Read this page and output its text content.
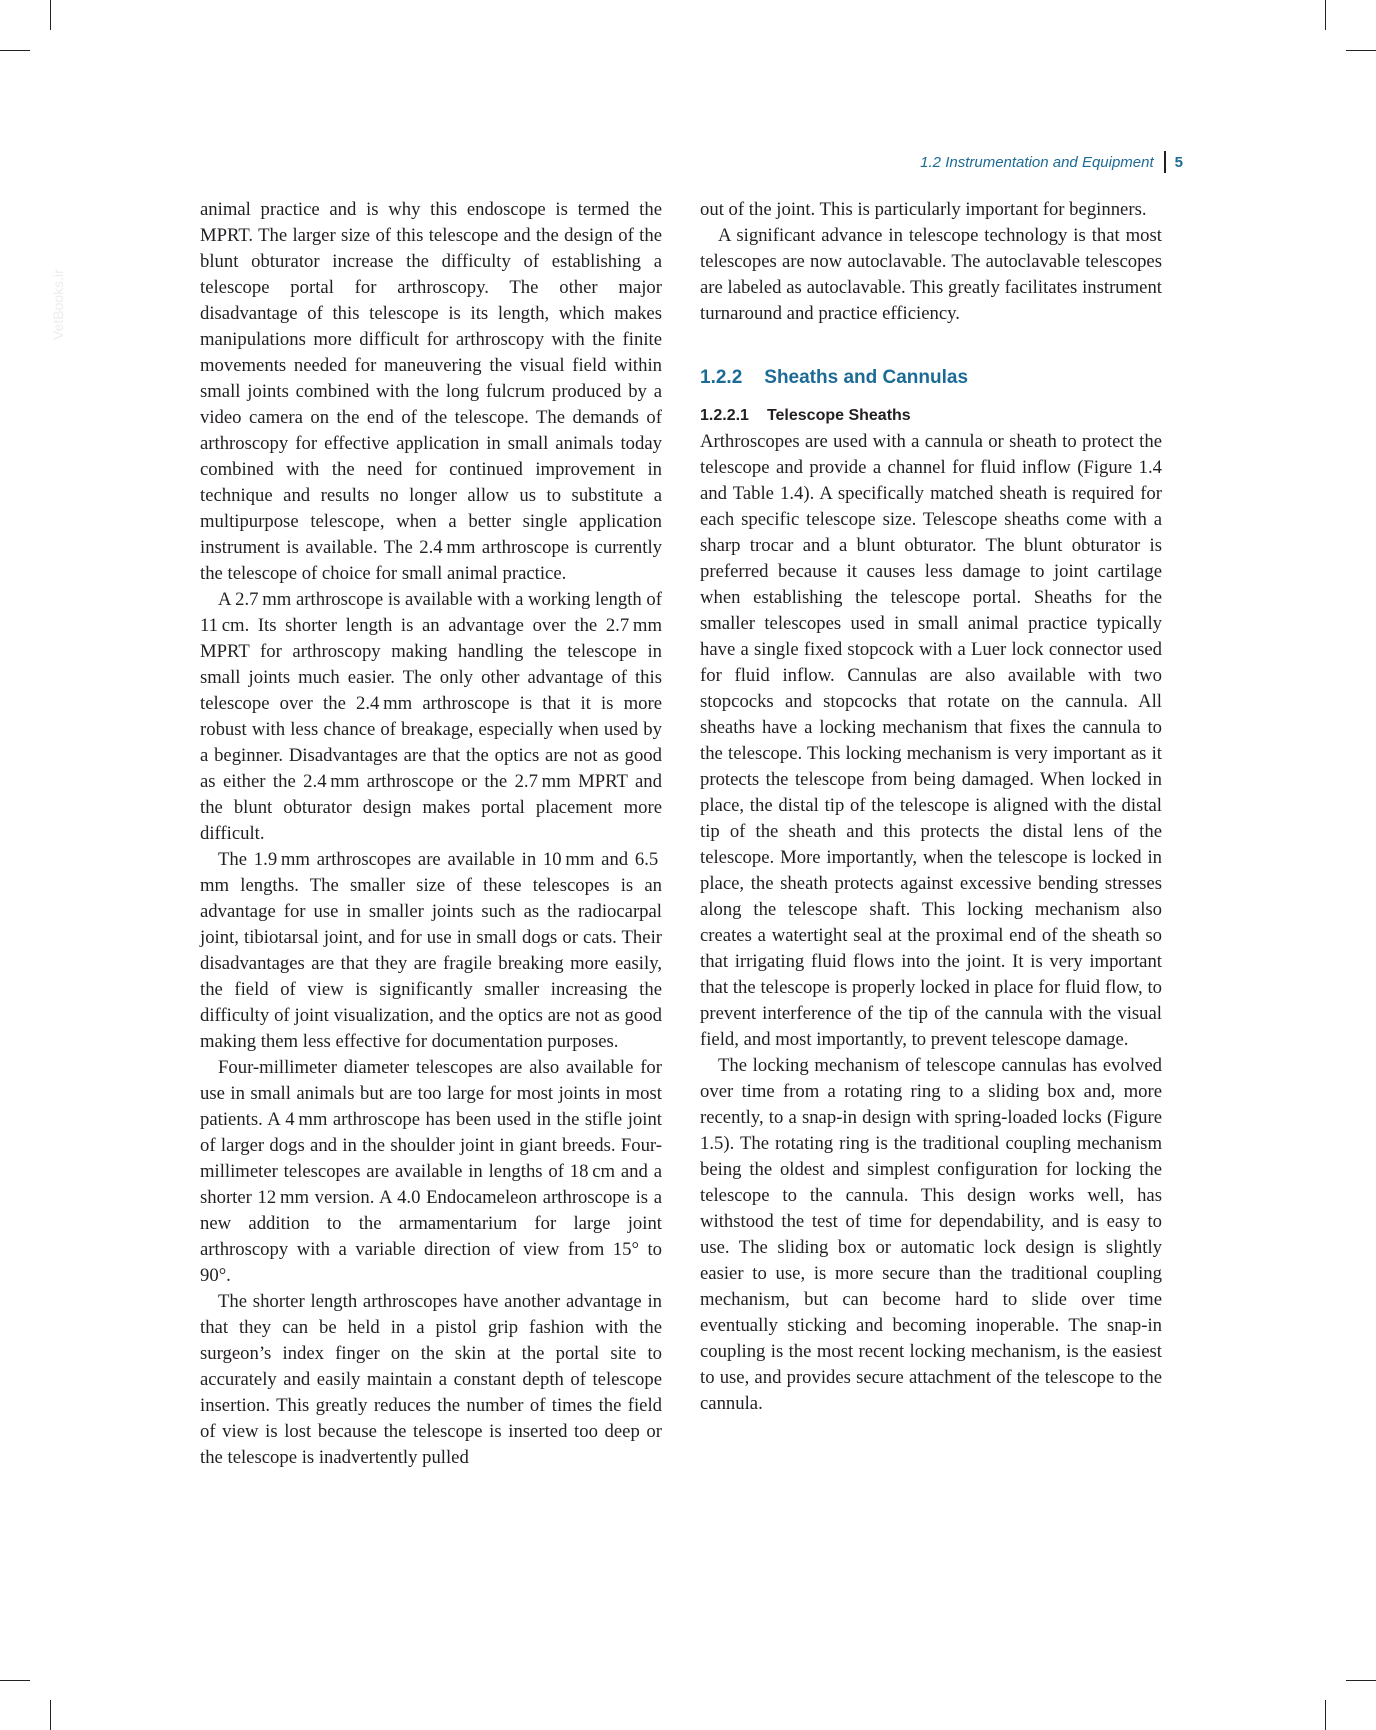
VetBooks.ir
1.2 Instrumentation and Equipment	5

animal practice and is why this endoscope is termed the MPRT. The larger size of this telescope and the design of the blunt obturator increase the difficulty of establishing a telescope portal for arthroscopy. The other major disadvantage of this telescope is its length, which makes manipulations more difficult for arthroscopy with the finite movements needed for maneuvering the visual field within small joints combined with the long fulcrum produced by a video camera on the end of the telescope. The demands of arthroscopy for effective application in small animals today combined with the need for continued improvement in technique and results no longer allow us to substitute a multipurpose telescope, when a better single application instrument is available. The 2.4 mm arthroscope is currently the telescope of choice for small animal practice.

A 2.7 mm arthroscope is available with a working length of 11 cm. Its shorter length is an advantage over the 2.7 mm MPRT for arthroscopy making handling the telescope in small joints much easier. The only other advantage of this telescope over the 2.4 mm arthroscope is that it is more robust with less chance of breakage, especially when used by a beginner. Disadvantages are that the optics are not as good as either the 2.4 mm arthroscope or the 2.7 mm MPRT and the blunt obturator design makes portal placement more difficult.

The 1.9 mm arthroscopes are available in 10 mm and 6.5 mm lengths. The smaller size of these telescopes is an advantage for use in smaller joints such as the radiocarpal joint, tibiotarsal joint, and for use in small dogs or cats. Their disadvantages are that they are fragile breaking more easily, the field of view is significantly smaller increasing the difficulty of joint visualization, and the optics are not as good making them less effective for documentation purposes.

Four-millimeter diameter telescopes are also available for use in small animals but are too large for most joints in most patients. A 4 mm arthroscope has been used in the stifle joint of larger dogs and in the shoulder joint in giant breeds. Four-millimeter telescopes are available in lengths of 18 cm and a shorter 12 mm version. A 4.0 Endocameleon arthroscope is a new addition to the armamentarium for large joint arthroscopy with a variable direction of view from 15° to 90°.

The shorter length arthroscopes have another advantage in that they can be held in a pistol grip fashion with the surgeon’s index finger on the skin at the portal site to accurately and easily maintain a constant depth of telescope insertion. This greatly reduces the number of times the field of view is lost because the telescope is inserted too deep or the telescope is inadvertently pulled

out of the joint. This is particularly important for beginners.

A significant advance in telescope technology is that most telescopes are now autoclavable. The autoclavable telescopes are labeled as autoclavable. This greatly facilitates instrument turnaround and practice efficiency.

1.2.2 Sheaths and Cannulas
1.2.2.1 Telescope Sheaths

Arthroscopes are used with a cannula or sheath to protect the telescope and provide a channel for fluid inflow (Figure 1.4 and Table 1.4). A specifically matched sheath is required for each specific telescope size. Telescope sheaths come with a sharp trocar and a blunt obturator. The blunt obturator is preferred because it causes less damage to joint cartilage when establishing the telescope portal. Sheaths for the smaller telescopes used in small animal practice typically have a single fixed stopcock with a Luer lock connector used for fluid inflow. Cannulas are also available with two stopcocks and stopcocks that rotate on the cannula. All sheaths have a locking mechanism that fixes the cannula to the telescope. This locking mechanism is very important as it protects the telescope from being damaged. When locked in place, the distal tip of the telescope is aligned with the distal tip of the sheath and this protects the distal lens of the telescope. More importantly, when the telescope is locked in place, the sheath protects against excessive bending stresses along the telescope shaft. This locking mechanism also creates a watertight seal at the proximal end of the sheath so that irrigating fluid flows into the joint. It is very important that the telescope is properly locked in place for fluid flow, to prevent interference of the tip of the cannula with the visual field, and most importantly, to prevent telescope damage.

The locking mechanism of telescope cannulas has evolved over time from a rotating ring to a sliding box and, more recently, to a snap-in design with spring-loaded locks (Figure 1.5). The rotating ring is the traditional coupling mechanism being the oldest and simplest configuration for locking the telescope to the cannula. This design works well, has withstood the test of time for dependability, and is easy to use. The sliding box or automatic lock design is slightly easier to use, is more secure than the traditional coupling mechanism, but can become hard to slide over time eventually sticking and becoming inoperable. The snap-in coupling is the most recent locking mechanism, is the easiest to use, and provides secure attachment of the telescope to the cannula.
